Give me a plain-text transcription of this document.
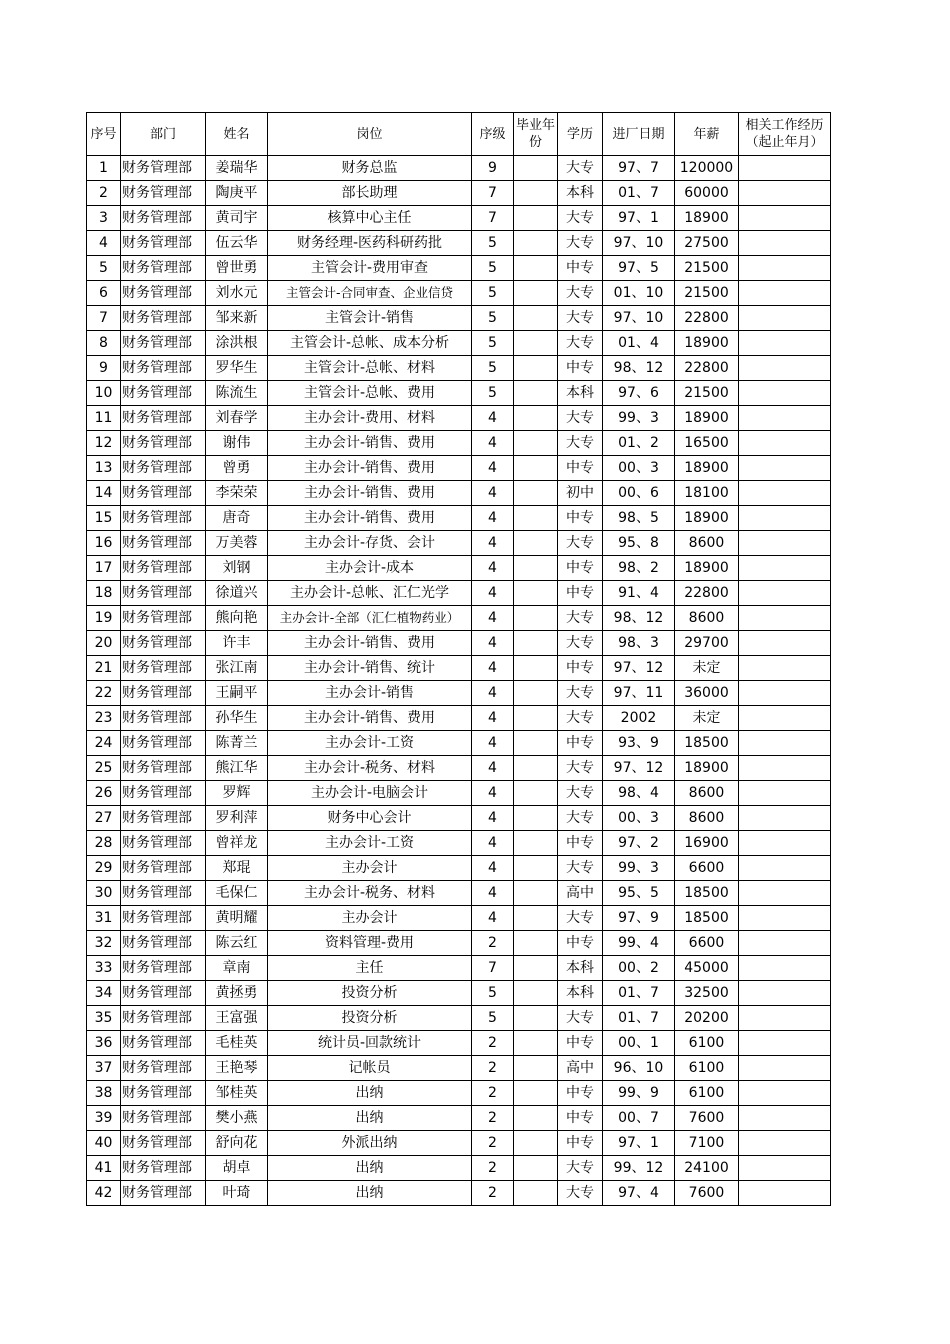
序号	部门	姓名	岗位	序级	毕业年份	学历	进厂日期	年薪	相关工作经历（起止年月）
1	财务管理部	姜瑞华	财务总监	9		大专	97、7	120000	
2	财务管理部	陶庚平	部长助理	7		本科	01、7	60000	
3	财务管理部	黄司宇	核算中心主任	7		大专	97、1	18900	
4	财务管理部	伍云华	财务经理-医药科研药批	5		大专	97、10	27500	
5	财务管理部	曾世勇	主管会计-费用审查	5		中专	97、5	21500	
6	财务管理部	刘水元	主管会计-合同审查、企业信贷	5		大专	01、10	21500	
7	财务管理部	邹来新	主管会计-销售	5		大专	97、10	22800	
8	财务管理部	涂洪根	主管会计-总帐、成本分析	5		大专	01、4	18900	
9	财务管理部	罗华生	主管会计-总帐、材料	5		中专	98、12	22800	
10	财务管理部	陈流生	主管会计-总帐、费用	5		本科	97、6	21500	
11	财务管理部	刘春学	主办会计-费用、材料	4		大专	99、3	18900	
12	财务管理部	谢伟	主办会计-销售、费用	4		大专	01、2	16500	
13	财务管理部	曾勇	主办会计-销售、费用	4		中专	00、3	18900	
14	财务管理部	李荣荣	主办会计-销售、费用	4		初中	00、6	18100	
15	财务管理部	唐奇	主办会计-销售、费用	4		中专	98、5	18900	
16	财务管理部	万美蓉	主办会计-存货、会计	4		大专	95、8	8600	
17	财务管理部	刘钢	主办会计-成本	4		中专	98、2	18900	
18	财务管理部	徐道兴	主办会计-总帐、汇仁光学	4		中专	91、4	22800	
19	财务管理部	熊向艳	主办会计-全部（汇仁植物药业）	4		大专	98、12	8600	
20	财务管理部	许丰	主办会计-销售、费用	4		大专	98、3	29700	
21	财务管理部	张江南	主办会计-销售、统计	4		中专	97、12	未定	
22	财务管理部	王嗣平	主办会计-销售	4		大专	97、11	36000	
23	财务管理部	孙华生	主办会计-销售、费用	4		大专	2002	未定	
24	财务管理部	陈菁兰	主办会计-工资	4		中专	93、9	18500	
25	财务管理部	熊江华	主办会计-税务、材料	4		大专	97、12	18900	
26	财务管理部	罗辉	主办会计-电脑会计	4		大专	98、4	8600	
27	财务管理部	罗利萍	财务中心会计	4		大专	00、3	8600	
28	财务管理部	曾祥龙	主办会计-工资	4		中专	97、2	16900	
29	财务管理部	郑琨	主办会计	4		大专	99、3	6600	
30	财务管理部	毛保仁	主办会计-税务、材料	4		高中	95、5	18500	
31	财务管理部	黄明耀	主办会计	4		大专	97、9	18500	
32	财务管理部	陈云红	资料管理-费用	2		中专	99、4	6600	
33	财务管理部	章南	主任	7		本科	00、2	45000	
34	财务管理部	黄拯勇	投资分析	5		本科	01、7	32500	
35	财务管理部	王富强	投资分析	5		大专	01、7	20200	
36	财务管理部	毛桂英	统计员-回款统计	2		中专	00、1	6100	
37	财务管理部	王艳琴	记帐员	2		高中	96、10	6100	
38	财务管理部	邹桂英	出纳	2		中专	99、9	6100	
39	财务管理部	樊小燕	出纳	2		中专	00、7	7600	
40	财务管理部	舒向花	外派出纳	2		中专	97、1	7100	
41	财务管理部	胡卓	出纳	2		大专	99、12	24100	
42	财务管理部	叶琦	出纳	2		大专	97、4	7600	
